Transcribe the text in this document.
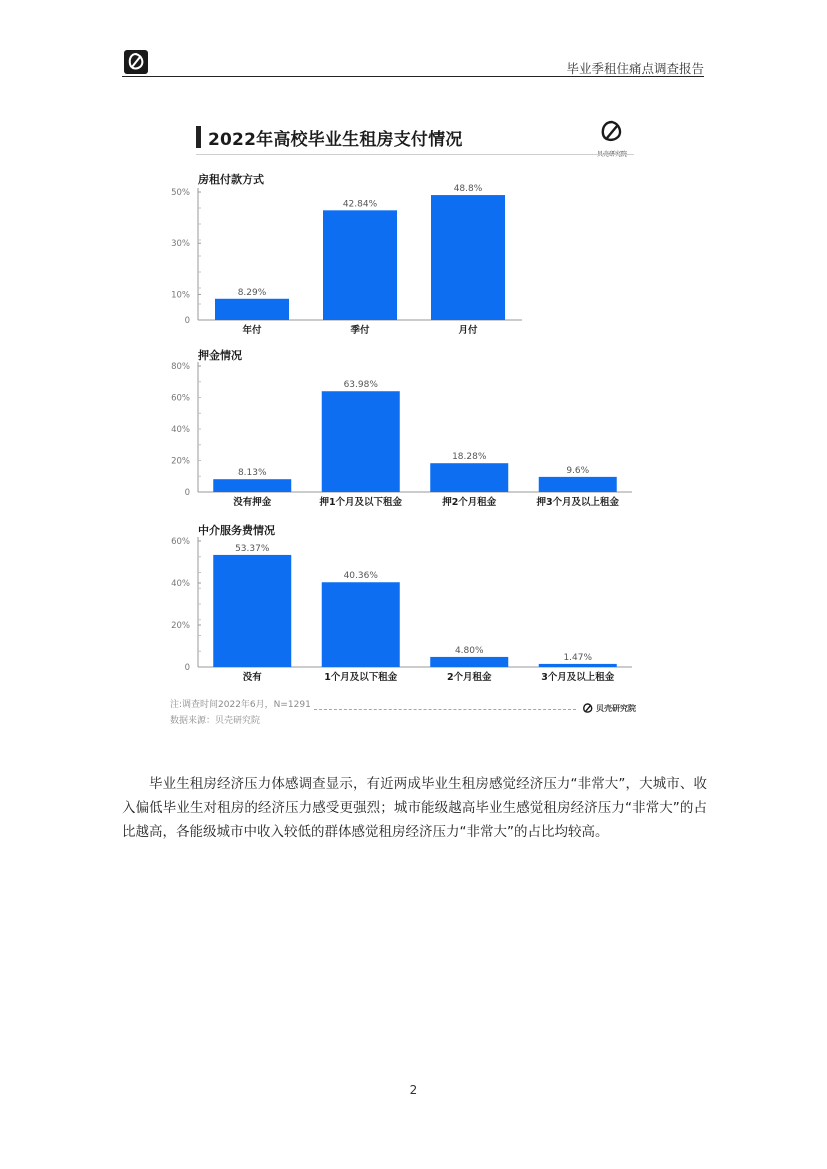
毕业季租住痛点调查报告
2022年高校毕业生租房支付情况
房租付款方式
50%
30%
10%
0
8.29%
年付
42.84%
季付
48.8%
月付
押金情况
80%
60%
40%
20%
0
8.13%
没有押金
63.98%
押1个月及以下租金
18.28%
押2个月租金
9.6%
押3个月及以上租金
中介服务费情况
60%
40%
20%
0
53.37%
没有
40.36%
1个月及以下租金
4.80%
2个月租金
1.47%
3个月及以上租金
注:调查时间2022年6月，N=1291
数据来源：贝壳研究院
贝壳研究院
毕业生租房经济压力体感调查显示，有近两成毕业生租房感觉经济压力“非常大”，大城市、收入偏低毕业生对租房的经济压力感受更强烈；城市能级越高毕业生感觉租房经济压力“非常大”的占比越高，各能级城市中收入较低的群体感觉租房经济压力“非常大”的占比均较高。
2
